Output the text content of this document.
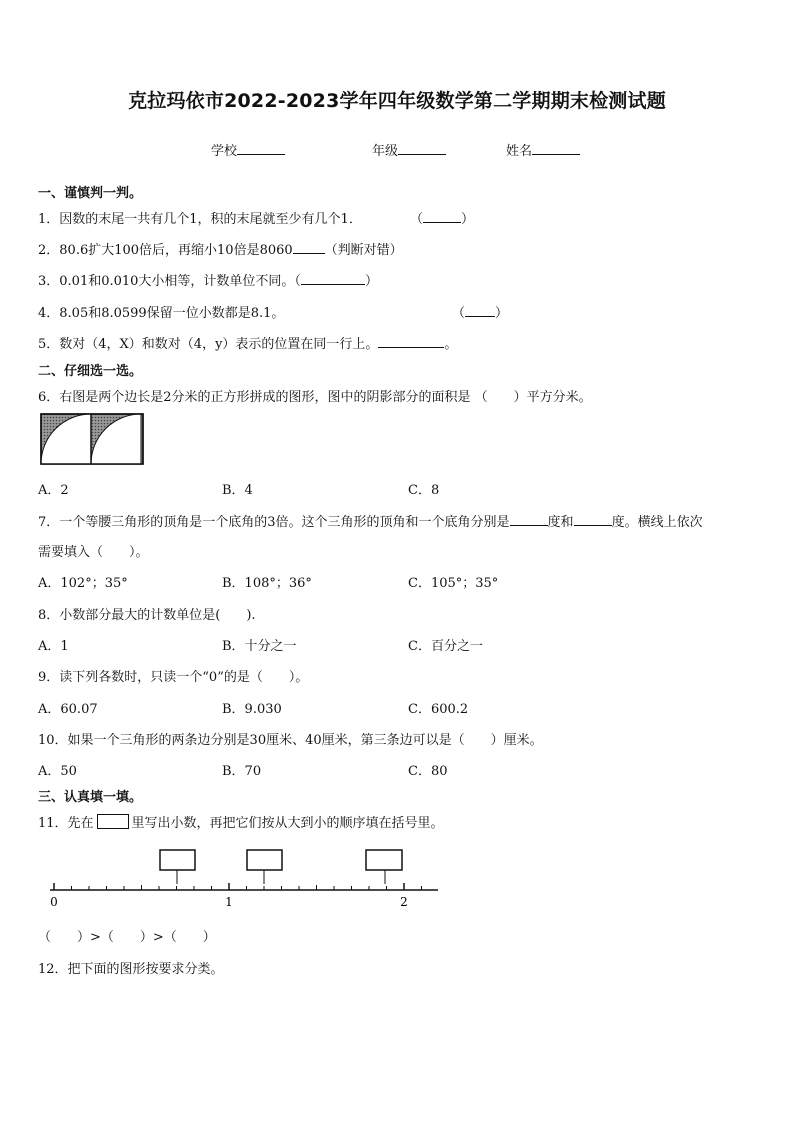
克拉玛依市2022-2023学年四年级数学第二学期期末检测试题
学校	年级	姓名
一、谨慎判一判。
1．因数的末尾一共有几个1，积的末尾就至少有几个1．	（	）
2．80.6扩大100倍后，再缩小10倍是8060 （判断对错）
3．0.01和0.010大小相等，计数单位不同。（	）
4．8.05和8.0599保留一位小数都是8.1。	（ ）
5．数对（4，X）和数对（4，y）表示的位置在同一行上。	。
二、仔细选一选。
6．右图是两个边长是2分米的正方形拼成的图形，图中的阴影部分的面积是 （　　）平方分米。
A．2	B．4	C．8
7．一个等腰三角形的顶角是一个底角的3倍。这个三角形的顶角和一个底角分别是	度和	度。横线上依次
需要填入（　　）。
A．102°；35°	B．108°；36°	C．105°；35°
8．小数部分最大的计数单位是(　　).
A．1	B．十分之一	C．百分之一
9．读下列各数时，只读一个“0”的是（　　）。
A．60.07	B．9.030	C．600.2
10．如果一个三角形的两条边分别是30厘米、40厘米，第三条边可以是（　　）厘米。
A．50	B．70	C．80
三、认真填一填。
11．先在	里写出小数，再把它们按从大到小的顺序填在括号里。
0	1	2
（　　）>（　　）>（　　）
12．把下面的图形按要求分类。
